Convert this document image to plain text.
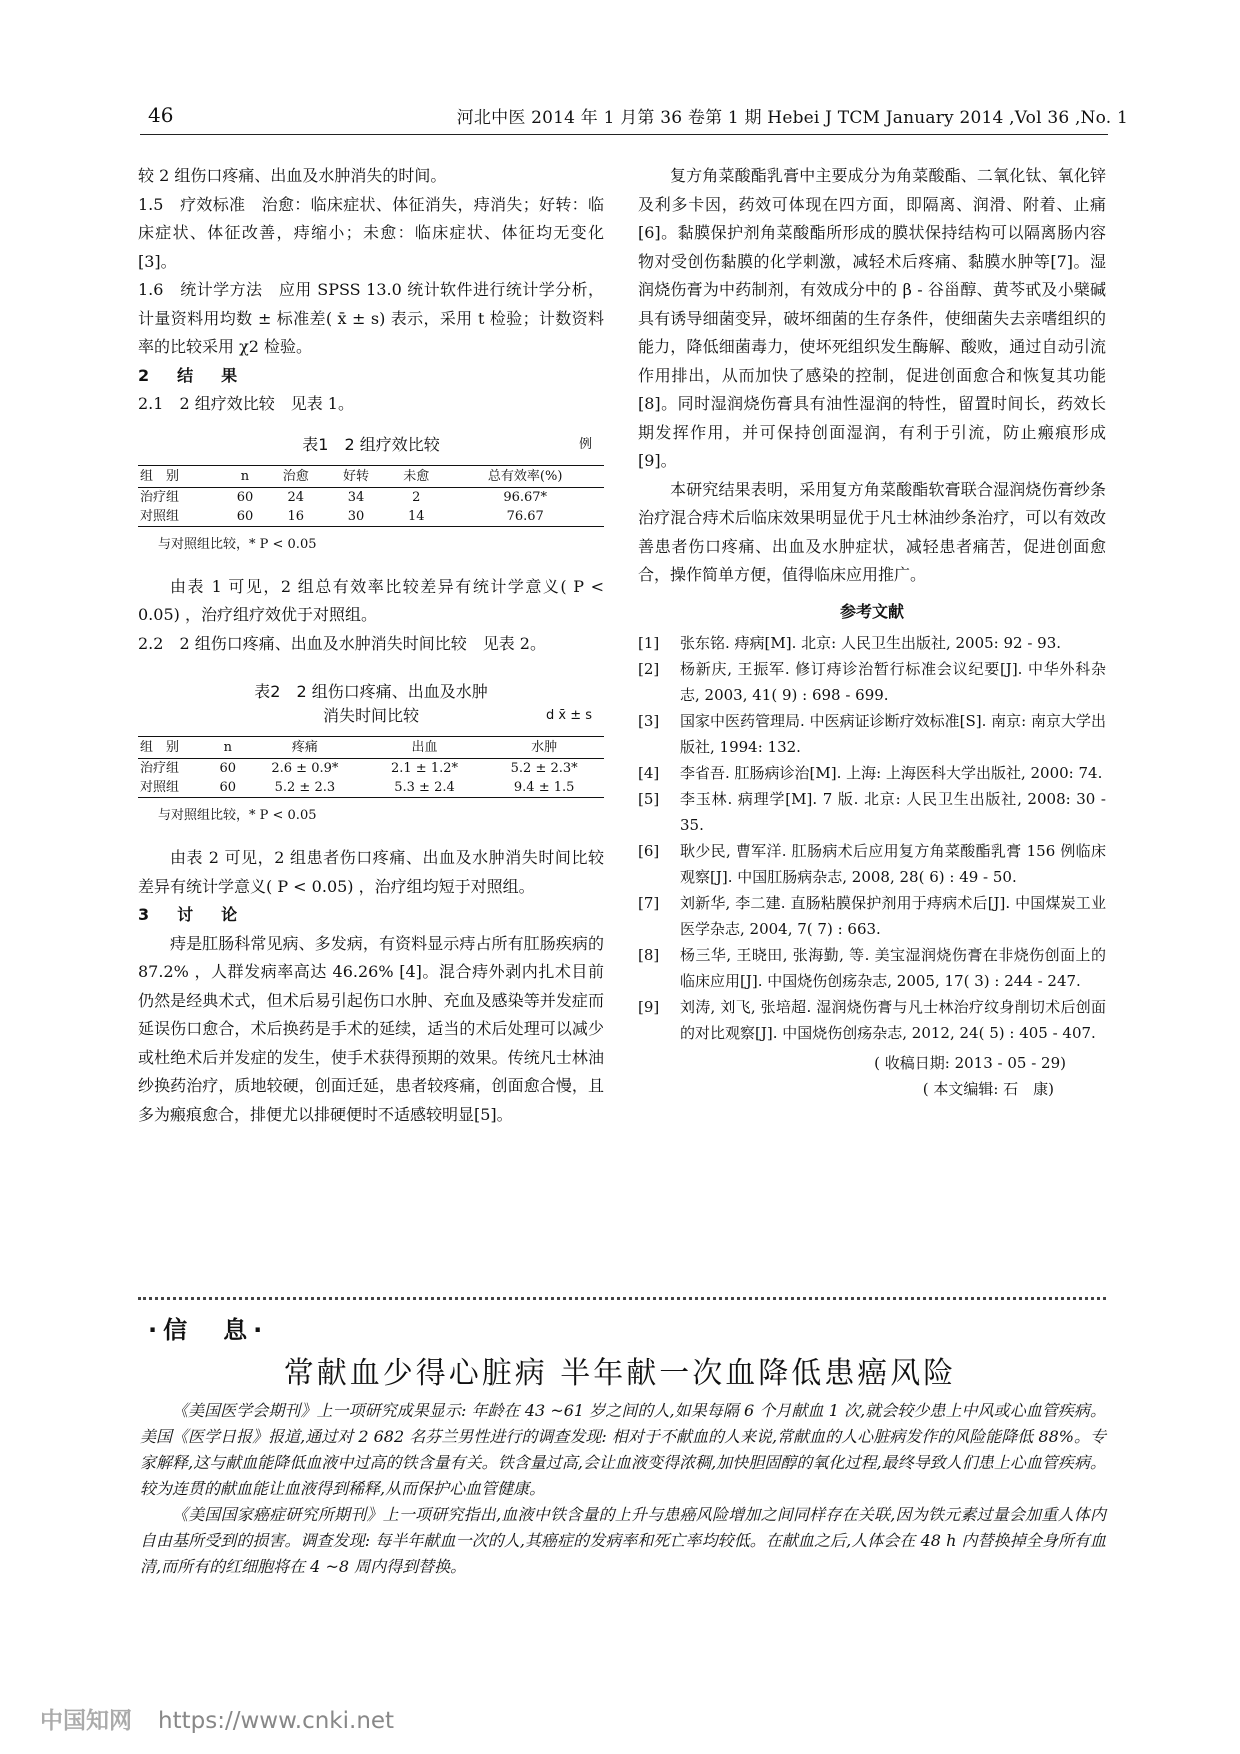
46	河北中医 2014 年 1 月第 36 卷第 1 期 Hebei J TCM January 2014 ,Vol 36 ,No. 1

较 2 组伤口疼痛、出血及水肿消失的时间。

1.5　疗效标准　治愈：临床症状、体征消失，痔消失；好转：临床症状、体征改善，痔缩小；未愈：临床症状、体征均无变化[3]。

1.6　统计学方法　应用 SPSS 13.0 统计软件进行统计学分析，计量资料用均数 ± 标准差( x̄ ± s) 表示，采用 t 检验；计数资料率的比较采用 χ2 检验。

2　结　果

2.1　2 组疗效比较　见表 1。

表1　2 组疗效比较	例
组　别	n	治愈	好转	未愈	总有效率(%)
治疗组	60	24	34	2	96.67*
对照组	60	16	30	14	76.67
与对照组比较，* P < 0.05

由表 1 可见，2 组总有效率比较差异有统计学意义( P < 0.05) ，治疗组疗效优于对照组。

2.2　2 组伤口疼痛、出血及水肿消失时间比较　见表 2。

表2　2 组伤口疼痛、出血及水肿
消失时间比较	d x̄ ± s
组　别	n	疼痛	出血	水肿
治疗组	60	2.6 ± 0.9*	2.1 ± 1.2*	5.2 ± 2.3*
对照组	60	5.2 ± 2.3	5.3 ± 2.4	9.4 ± 1.5
与对照组比较，* P < 0.05

由表 2 可见，2 组患者伤口疼痛、出血及水肿消失时间比较差异有统计学意义( P < 0.05) ，治疗组均短于对照组。

3　讨　论

痔是肛肠科常见病、多发病，有资料显示痔占所有肛肠疾病的 87.2% ，人群发病率高达 46.26% [4]。混合痔外剥内扎术目前仍然是经典术式，但术后易引起伤口水肿、充血及感染等并发症而延误伤口愈合，术后换药是手术的延续，适当的术后处理可以减少或杜绝术后并发症的发生，使手术获得预期的效果。传统凡士林油纱换药治疗，质地较硬，创面迁延，患者较疼痛，创面愈合慢，且多为瘢痕愈合，排便尤以排硬便时不适感较明显[5]。

复方角菜酸酯乳膏中主要成分为角菜酸酯、二氧化钛、氧化锌及利多卡因，药效可体现在四方面，即隔离、润滑、附着、止痛[6]。黏膜保护剂角菜酸酯所形成的膜状保持结构可以隔离肠内容物对受创伤黏膜的化学刺激，减轻术后疼痛、黏膜水肿等[7]。湿润烧伤膏为中药制剂，有效成分中的 β - 谷甾醇、黄芩甙及小檗碱具有诱导细菌变异，破坏细菌的生存条件，使细菌失去亲嗜组织的能力，降低细菌毒力，使坏死组织发生酶解、酸败，通过自动引流作用排出，从而加快了感染的控制，促进创面愈合和恢复其功能[8]。同时湿润烧伤膏具有油性湿润的特性，留置时间长，药效长期发挥作用，并可保持创面湿润，有利于引流，防止瘢痕形成[9]。

本研究结果表明，采用复方角菜酸酯软膏联合湿润烧伤膏纱条治疗混合痔术后临床效果明显优于凡士林油纱条治疗，可以有效改善患者伤口疼痛、出血及水肿症状，减轻患者痛苦，促进创面愈合，操作简单方便，值得临床应用推广。

参考文献
[1]	张东铭. 痔病[M]. 北京: 人民卫生出版社, 2005: 92 - 93.
[2]	杨新庆, 王振军. 修订痔诊治暂行标准会议纪要[J]. 中华外科杂志, 2003, 41( 9) : 698 - 699.
[3]	国家中医药管理局. 中医病证诊断疗效标准[S]. 南京: 南京大学出版社, 1994: 132.
[4]	李省吾. 肛肠病诊治[M]. 上海: 上海医科大学出版社, 2000: 74.
[5]	李玉林. 病理学[M]. 7 版. 北京: 人民卫生出版社, 2008: 30 - 35.
[6]	耿少民, 曹军洋. 肛肠病术后应用复方角菜酸酯乳膏 156 例临床观察[J]. 中国肛肠病杂志, 2008, 28( 6) : 49 - 50.
[7]	刘新华, 李二建. 直肠粘膜保护剂用于痔病术后[J]. 中国煤炭工业医学杂志, 2004, 7( 7) : 663.
[8]	杨三华, 王晓田, 张海勤, 等. 美宝湿润烧伤膏在非烧伤创面上的临床应用[J]. 中国烧伤创疡杂志, 2005, 17( 3) : 244 - 247.
[9]	刘涛, 刘飞, 张培超. 湿润烧伤膏与凡士林治疗纹身削切术后创面的对比观察[J]. 中国烧伤创疡杂志, 2012, 24( 5) : 405 - 407.
( 收稿日期: 2013 - 05 - 29)
( 本文编辑: 石　康)
·信　息·
常献血少得心脏病 半年献一次血降低患癌风险

《美国医学会期刊》上一项研究成果显示: 年龄在 43 ~61 岁之间的人,如果每隔 6 个月献血 1 次,就会较少患上中风或心血管疾病。美国《医学日报》报道,通过对 2 682 名芬兰男性进行的调查发现: 相对于不献血的人来说,常献血的人心脏病发作的风险能降低 88%。专家解释,这与献血能降低血液中过高的铁含量有关。铁含量过高,会让血液变得浓稠,加快胆固醇的氧化过程,最终导致人们患上心血管疾病。较为连贯的献血能让血液得到稀释,从而保护心血管健康。

《美国国家癌症研究所期刊》上一项研究指出,血液中铁含量的上升与患癌风险增加之间同样存在关联,因为铁元素过量会加重人体内自由基所受到的损害。调查发现: 每半年献血一次的人,其癌症的发病率和死亡率均较低。在献血之后,人体会在 48 h 内替换掉全身所有血清,而所有的红细胞将在 4 ~8 周内得到替换。

中国知网 https://www.cnki.net
